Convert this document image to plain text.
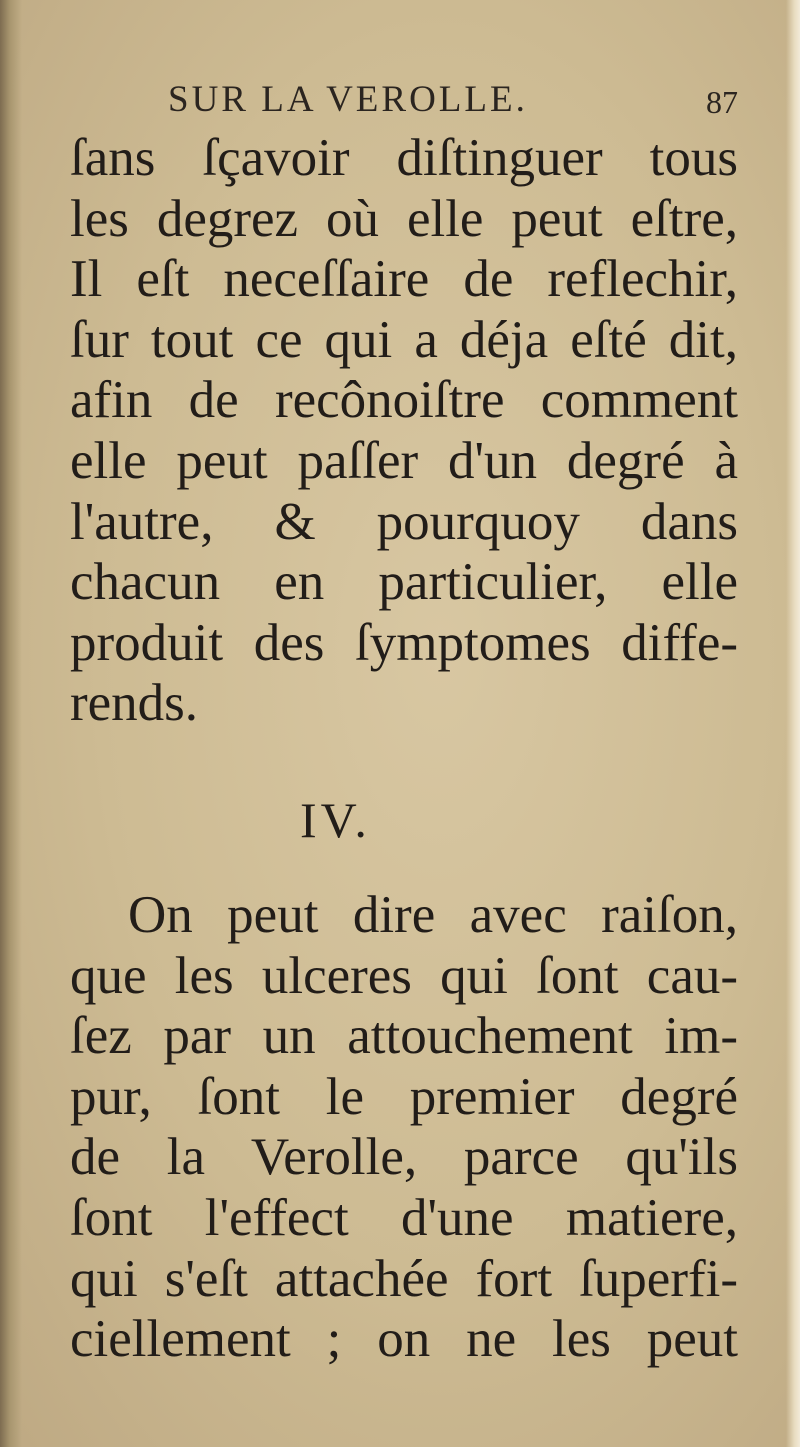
SUR LA VEROLLE.	87
ſans ſçavoir diſtinguer tous
les degrez où elle peut eſtre,
Il eſt neceſſaire de reflechir,
ſur tout ce qui a déja eſté dit,
afin de recônoiſtre comment
elle peut paſſer d'un degré à
l'autre, & pourquoy dans
chacun en particulier, elle
produit des ſymptomes diffe-
rends.
IV.
On peut dire avec raiſon,
que les ulceres qui ſont cau-
ſez par un attouchement im-
pur, ſont le premier degré
de la Verolle, parce qu'ils
ſont l'effect d'une matiere,
qui s'eſt attachée fort ſuperfi-
ciellement ; on ne les peut
